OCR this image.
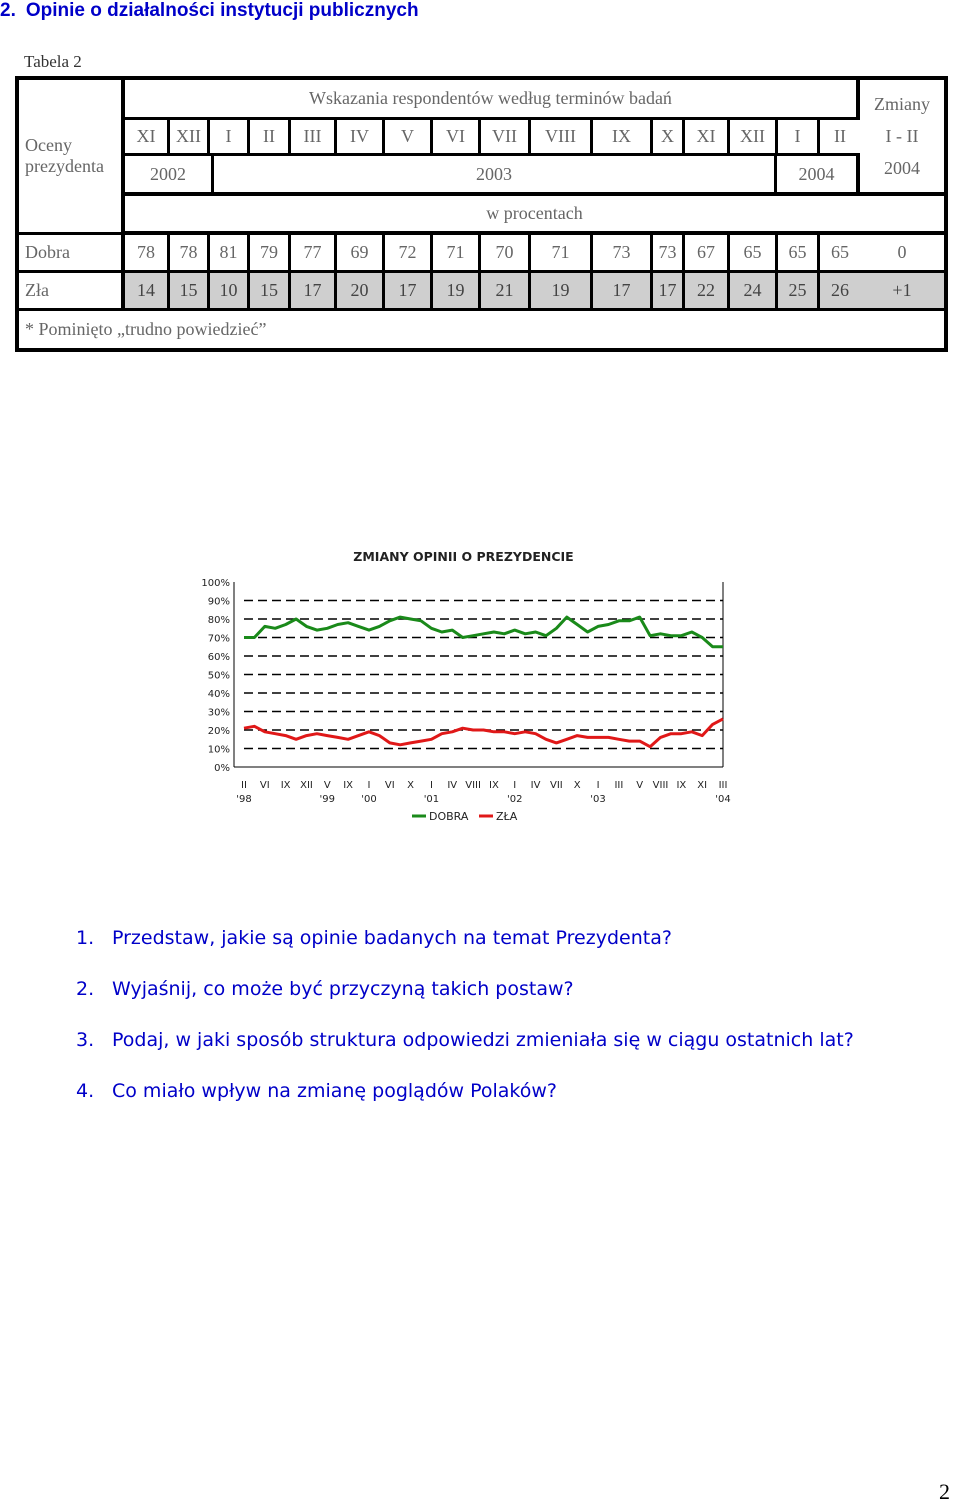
2. Opinie o działalności instytucji publicznych
Tabela 2
Oceny prezydenta
Wskazania respondentów według terminów badań
XI	XII	I	II	III	IV	V	VI	VII	VIII	IX	X	XI	XII	I	II
2002	2003	2004
Zmiany
I - II
2004
w procentach
Dobra	78	78	81	79	77	69	72	71	70	71	73	73	67	65	65	65	0
Zła	14	15	10	15	17	20	17	19	21	19	17	17	22	24	25	26	+1
* Pominięto „trudno powiedzieć”
ZMIANY OPINII O PREZYDENCIE
100%
90%
80%
70%
60%
50%
40%
30%
20%
10%
0%
II VI IX XII V IX I VI X I IV VIII IX I IV VII X I III V VIII IX XI III
'98	'99	'00	'01	'02	'03	'04
DOBRA	ZŁA
1. Przedstaw, jakie są opinie badanych na temat Prezydenta?
2. Wyjaśnij, co może być przyczyną takich postaw?
3. Podaj, w jaki sposób struktura odpowiedzi zmieniała się w ciągu ostatnich lat?
4. Co miało wpływ na zmianę poglądów Polaków?
2
